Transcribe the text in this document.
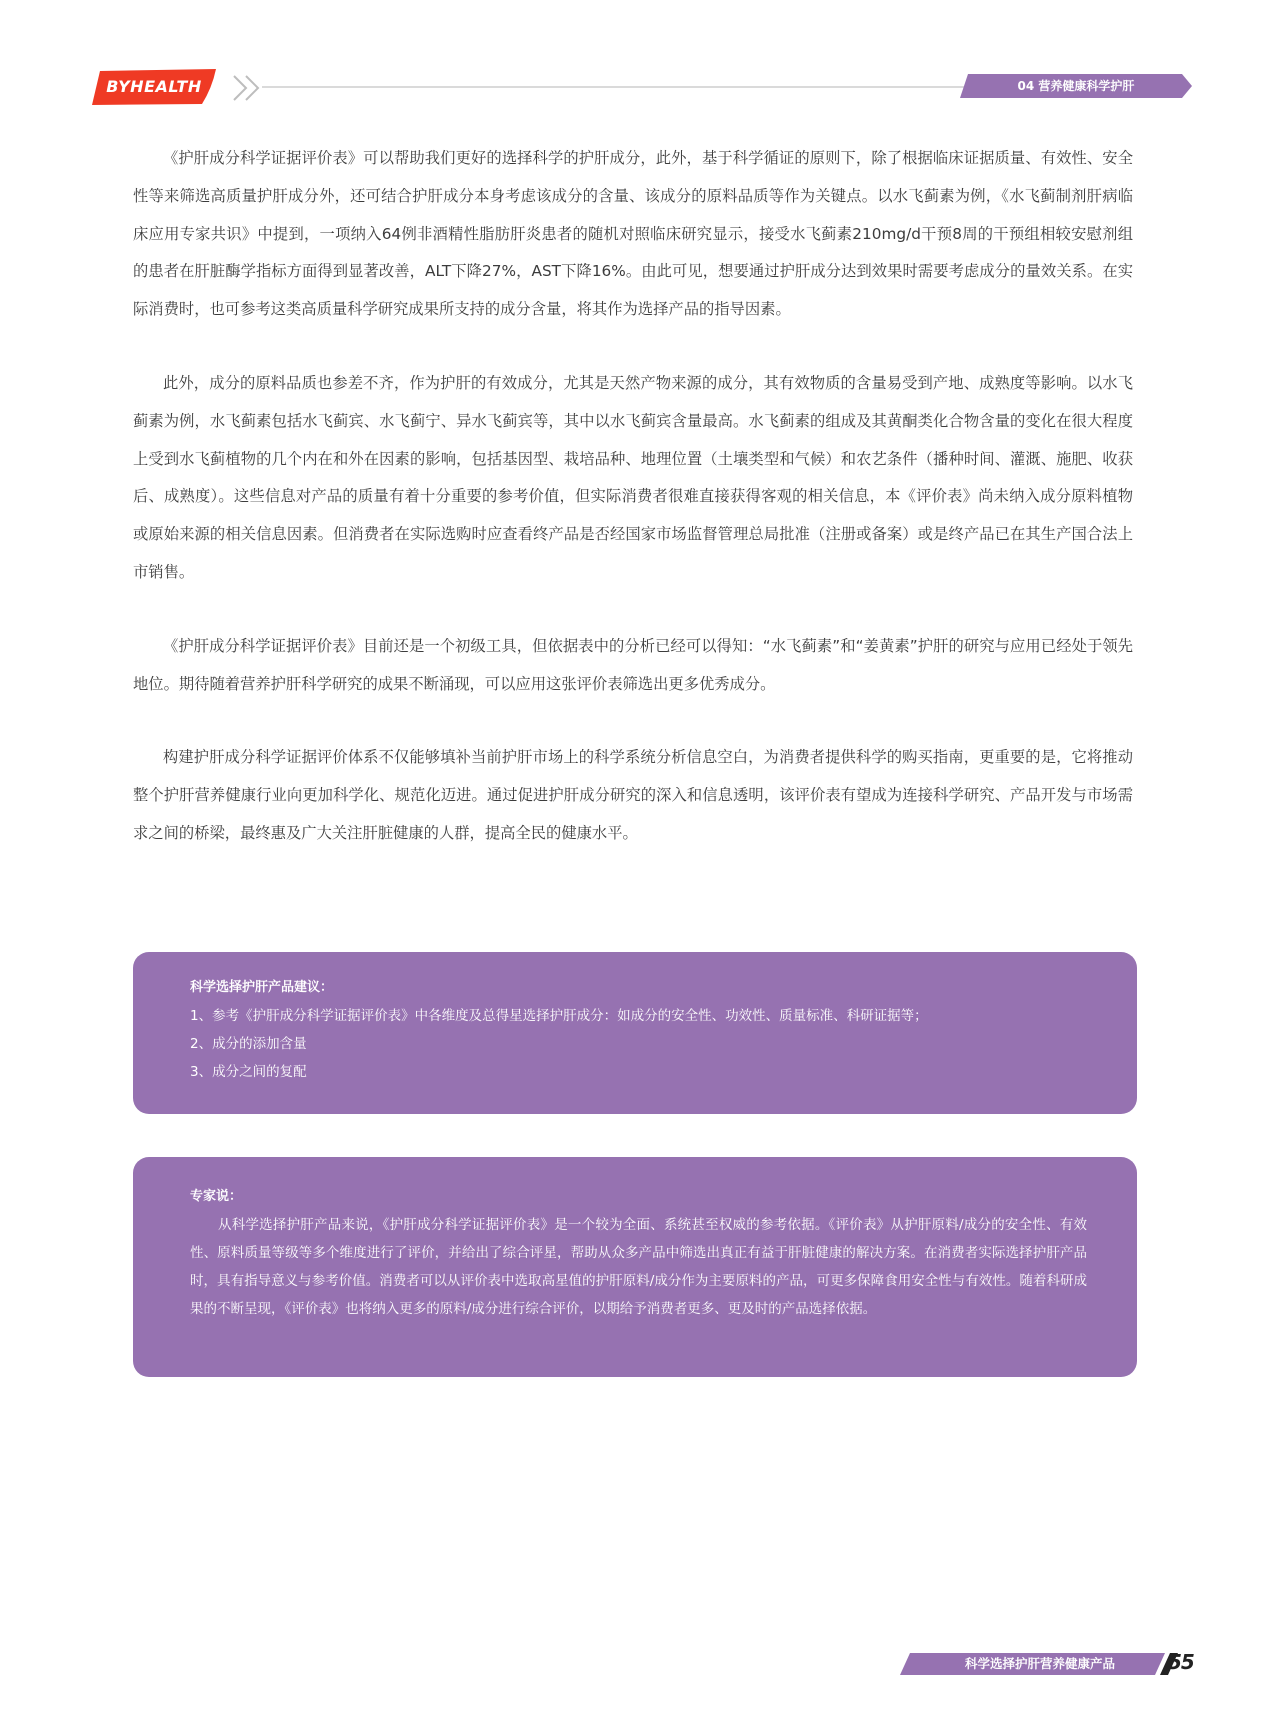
BYHEALTH	04 营养健康科学护肝

《护肝成分科学证据评价表》可以帮助我们更好的选择科学的护肝成分，此外，基于科学循证的原则下，除了根据临床证据质量、有效性、安全性等来筛选高质量护肝成分外，还可结合护肝成分本身考虑该成分的含量、该成分的原料品质等作为关键点。以水飞蓟素为例，《水飞蓟制剂肝病临床应用专家共识》中提到，一项纳入64例非酒精性脂肪肝炎患者的随机对照临床研究显示，接受水飞蓟素210mg/d干预8周的干预组相较安慰剂组的患者在肝脏酶学指标方面得到显著改善，ALT下降27%，AST下降16%。由此可见，想要通过护肝成分达到效果时需要考虑成分的量效关系。在实际消费时，也可参考这类高质量科学研究成果所支持的成分含量，将其作为选择产品的指导因素。

此外，成分的原料品质也参差不齐，作为护肝的有效成分，尤其是天然产物来源的成分，其有效物质的含量易受到产地、成熟度等影响。以水飞蓟素为例，水飞蓟素包括水飞蓟宾、水飞蓟宁、异水飞蓟宾等，其中以水飞蓟宾含量最高。水飞蓟素的组成及其黄酮类化合物含量的变化在很大程度上受到水飞蓟植物的几个内在和外在因素的影响，包括基因型、栽培品种、地理位置（土壤类型和气候）和农艺条件（播种时间、灌溉、施肥、收获后、成熟度）。这些信息对产品的质量有着十分重要的参考价值，但实际消费者很难直接获得客观的相关信息，本《评价表》尚未纳入成分原料植物或原始来源的相关信息因素。但消费者在实际选购时应查看终产品是否经国家市场监督管理总局批准（注册或备案）或是终产品已在其生产国合法上市销售。

《护肝成分科学证据评价表》目前还是一个初级工具，但依据表中的分析已经可以得知：“水飞蓟素”和“姜黄素”护肝的研究与应用已经处于领先地位。期待随着营养护肝科学研究的成果不断涌现，可以应用这张评价表筛选出更多优秀成分。

构建护肝成分科学证据评价体系不仅能够填补当前护肝市场上的科学系统分析信息空白，为消费者提供科学的购买指南，更重要的是，它将推动整个护肝营养健康行业向更加科学化、规范化迈进。通过促进护肝成分研究的深入和信息透明，该评价表有望成为连接科学研究、产品开发与市场需求之间的桥梁，最终惠及广大关注肝脏健康的人群，提高全民的健康水平。

科学选择护肝产品建议：
1、参考《护肝成分科学证据评价表》中各维度及总得星选择护肝成分：如成分的安全性、功效性、质量标准、科研证据等；
2、成分的添加含量
3、成分之间的复配
专家说：

从科学选择护肝产品来说，《护肝成分科学证据评价表》是一个较为全面、系统甚至权威的参考依据。《评价表》从护肝原料/成分的安全性、有效性、原料质量等级等多个维度进行了评价，并给出了综合评星，帮助从众多产品中筛选出真正有益于肝脏健康的解决方案。在消费者实际选择护肝产品时，具有指导意义与参考价值。消费者可以从评价表中选取高星值的护肝原料/成分作为主要原料的产品，可更多保障食用安全性与有效性。随着科研成果的不断呈现，《评价表》也将纳入更多的原料/成分进行综合评价，以期给予消费者更多、更及时的产品选择依据。

科学选择护肝营养健康产品	55
